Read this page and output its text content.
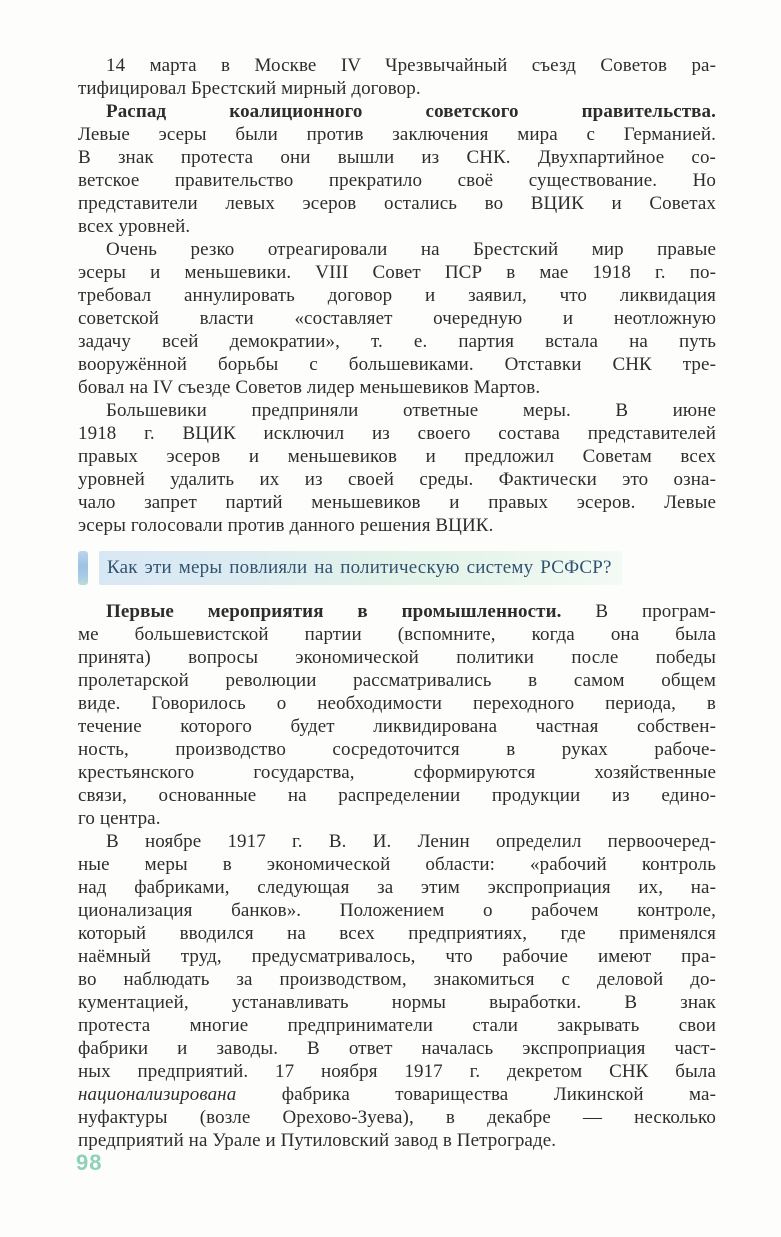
14 марта в Москве IV Чрезвычайный съезд Советов ра-
тифицировал Брестский мирный договор.
Распад коалиционного советского правительства.
Левые эсеры были против заключения мира с Германией.
В знак протеста они вышли из СНК. Двухпартийное со-
ветское правительство прекратило своё существование. Но
представители левых эсеров остались во ВЦИК и Советах
всех уровней.
Очень резко отреагировали на Брестский мир правые
эсеры и меньшевики. VIII Совет ПСР в мае 1918 г. по-
требовал аннулировать договор и заявил, что ликвидация
советской власти «составляет очередную и неотложную
задачу всей демократии», т. е. партия встала на путь
вооружённой борьбы с большевиками. Отставки СНК тре-
бовал на IV съезде Советов лидер меньшевиков Мартов.
Большевики предприняли ответные меры. В июне
1918 г. ВЦИК исключил из своего состава представителей
правых эсеров и меньшевиков и предложил Советам всех
уровней удалить их из своей среды. Фактически это озна-
чало запрет партий меньшевиков и правых эсеров. Левые
эсеры голосовали против данного решения ВЦИК.
Как эти меры повлияли на политическую систему РСФСР?
Первые мероприятия в промышленности. В програм-
ме большевистской партии (вспомните, когда она была
принята) вопросы экономической политики после победы
пролетарской революции рассматривались в самом общем
виде. Говорилось о необходимости переходного периода, в
течение которого будет ликвидирована частная собствен-
ность, производство сосредоточится в руках рабоче-
крестьянского государства, сформируются хозяйственные
связи, основанные на распределении продукции из едино-
го центра.
В ноябре 1917 г. В. И. Ленин определил первоочеред-
ные меры в экономической области: «рабочий контроль
над фабриками, следующая за этим экспроприация их, на-
ционализация банков». Положением о рабочем контроле,
который вводился на всех предприятиях, где применялся
наёмный труд, предусматривалось, что рабочие имеют пра-
во наблюдать за производством, знакомиться с деловой до-
кументацией, устанавливать нормы выработки. В знак
протеста многие предприниматели стали закрывать свои
фабрики и заводы. В ответ началась экспроприация част-
ных предприятий. 17 ноября 1917 г. декретом СНК была
национализирована фабрика товарищества Ликинской ма-
нуфактуры (возле Орехово-Зуева), в декабре — несколько
предприятий на Урале и Путиловский завод в Петрограде.
98
